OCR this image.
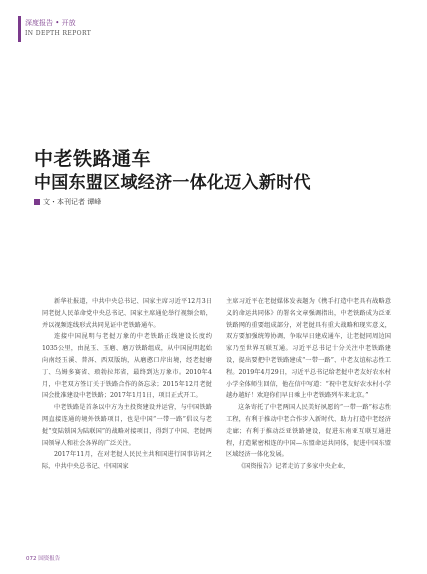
深度报告 • 开放
IN DEPTH REPORT
中老铁路通车
中国东盟区域经济一体化迈入新时代
文・本刊记者 谭峰

新华社报道，中共中央总书记、国家主席习近平12月3日同老挝人民革命党中央总书记、国家主席通伦举行视频会晤，并以视频连线形式共同见证中老铁路通车。

连接中国昆明与老挝万象的中老铁路正线建设长度约1035公里，由昆玉、玉磨、磨万铁路组成，从中国昆明起始向南经玉溪、普洱、西双版纳，从磨憨口岸出境，经老挝磨丁、乌姆多赛省、琅勃拉邦省，最终到达万象市。2010年4月，中老双方签订关于铁路合作的备忘录；2015年12月老挝国会批准建设中老铁路；2017年1月1日，项目正式开工。

中老铁路是首条以中方为主投资建设并运营，与中国铁路网直接连通的境外铁路项目，也是中国“一带一路”倡议与老挝“变陆锁国为陆联国”的战略对接项目，得到了中国、老挝两国领导人和社会各界的广泛关注。

2017年11月，在对老挝人民民主共和国进行国事访问之际，中共中央总书记、中国国家

主席习近平在老挝媒体发表题为《携手打造中老具有战略意义的命运共同体》的署名文章强调指出，中老铁路成为泛亚铁路网的重要组成部分，对老挝具有重大战略和现实意义，双方要加强统筹协调，争取早日建成通车，让老挝同周边国家乃至世界互联互通。习近平总书记十分关注中老铁路建设，提出要把中老铁路建成“一带一路”、中老友谊标志性工程。2019年4月29日，习近平总书记给老挝中老友好农水村小学全体师生回信，他在信中写道：“祝中老友好农水村小学越办越好！欢迎你们早日乘上中老铁路列车来北京。”

这条寄托了中老两国人民美好夙愿的“一带一路”标志性工程，有利于推动中老合作步入新时代、助力打造中老经济走廊；有利于推动泛亚铁路建设，促进东南亚互联互通进程，打造紧密相连的中国—东盟命运共同体，促进中国东盟区域经济一体化发展。

《国资报告》记者走访了多家中央企业，

072 国资报告
